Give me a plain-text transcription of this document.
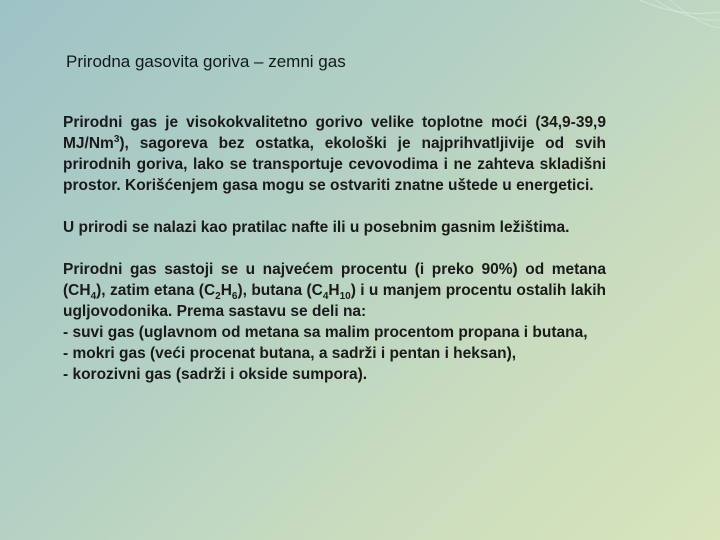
Prirodna gasovita goriva – zemni gas

Prirodni gas je visokokvalitetno gorivo velike toplotne moći (34,9-39,9 MJ/Nm$^3$), sagoreva bez ostatka, ekološki je najprihvatljivije od svih prirodnih goriva, lako se transportuje cevovodima i ne zahteva skladišni prostor. Korišćenjem gasa mogu se ostvariti znatne uštede u energetici.

U prirodi se nalazi kao pratilac nafte ili u posebnim gasnim ležištima.

Prirodni gas sastoji se u najvećem procentu (i preko 90%) od metana $(CH_4)$, zatim etana $(C_2H_6)$, butana $(C_4H_{10})$ i u manjem procentu ostalih lakih ugljovodonika. Prema sastavu se deli na:
- suvi gas (uglavnom od metana sa malim procentom propana i butana,
- mokri gas (veći procenat butana, a sadrži i pentan i heksan),
- korozivni gas (sadrži i okside sumpora).
